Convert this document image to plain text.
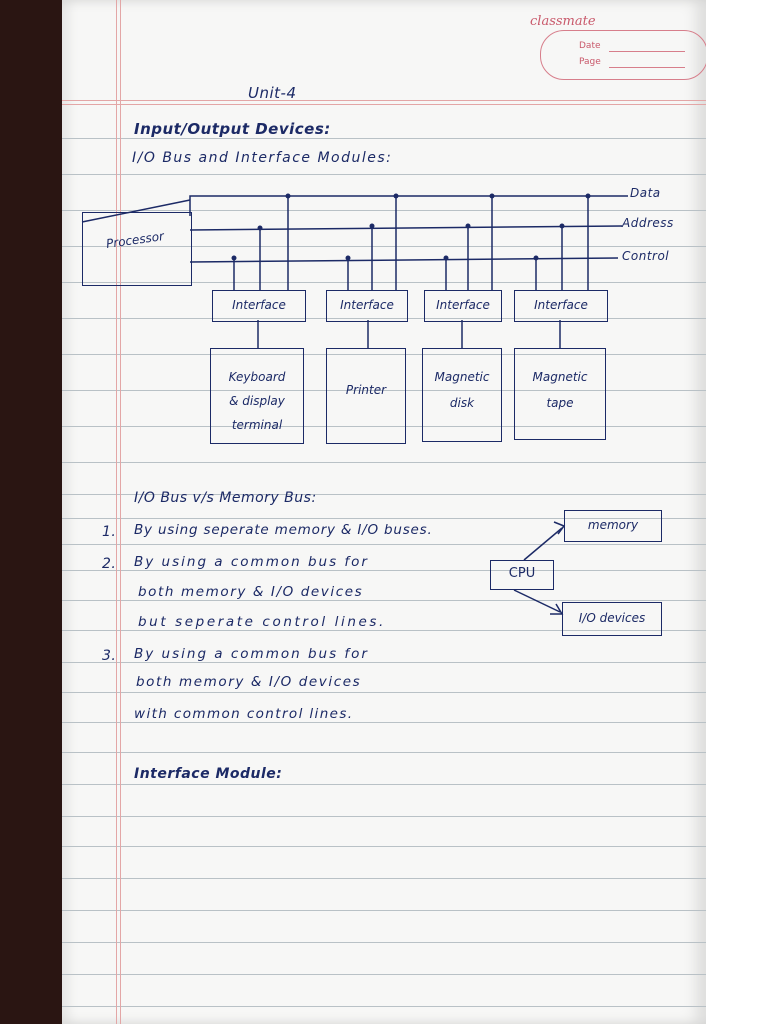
classmate
Date
Page
Unit-4
Input/Output Devices:
I/O Bus and Interface Modules:
I/O Bus v/s Memory Bus:
1. By using seperate memory & I/O buses.
2. By using a common bus for
both memory & I/O devices
but seperate control lines.
3. By using a common bus for
both memory & I/O devices
with common control lines.
CPU
memory
I/O devices
Interface Module:
Processor
Interface	Interface	Interface	Interface
Keyboard
& display
terminal
Printer
Magnetic
disk
Magnetic
tape
Data
Address
Control
